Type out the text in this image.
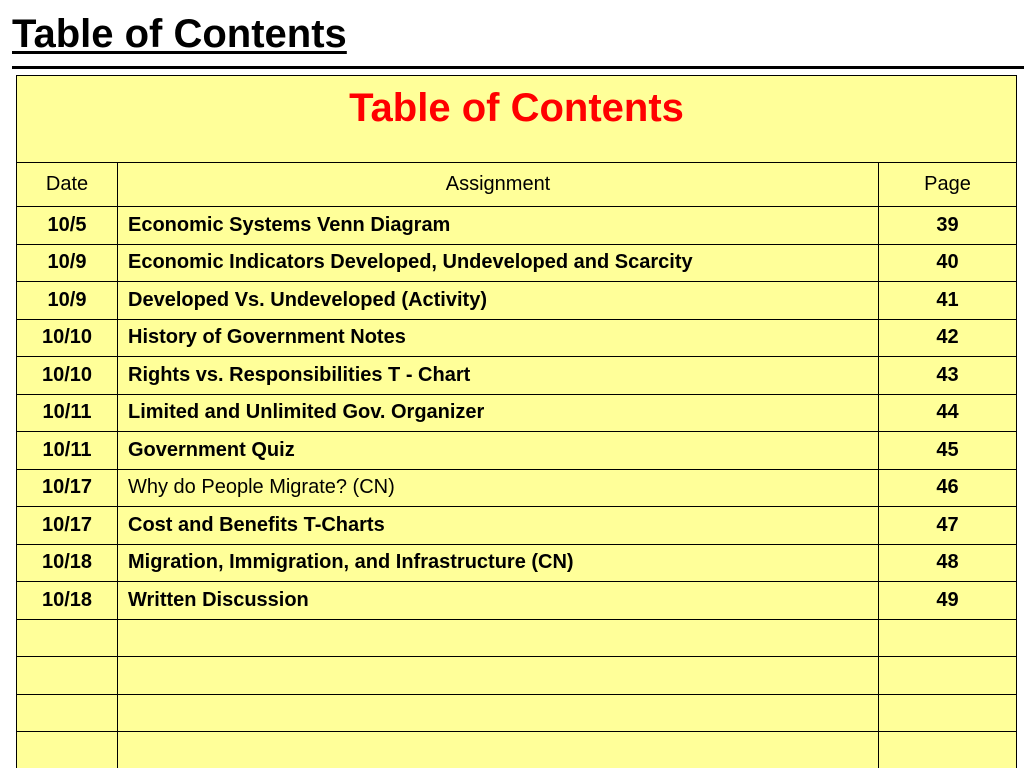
Table of Contents
Table of Contents		

Date	Assignment	Page
10/5	Economic Systems Venn Diagram	39
10/9	Economic Indicators Developed, Undeveloped and Scarcity	40
10/9	Developed Vs. Undeveloped (Activity)	41
10/10	History of Government Notes	42
10/10	Rights vs. Responsibilities T - Chart	43
10/11	Limited and Unlimited Gov. Organizer	44
10/11	Government Quiz	45
10/17	Why do People Migrate? (CN)	46
10/17	Cost and Benefits T-Charts	47
10/18	Migration, Immigration, and Infrastructure (CN)	48
10/18	Written Discussion	49
